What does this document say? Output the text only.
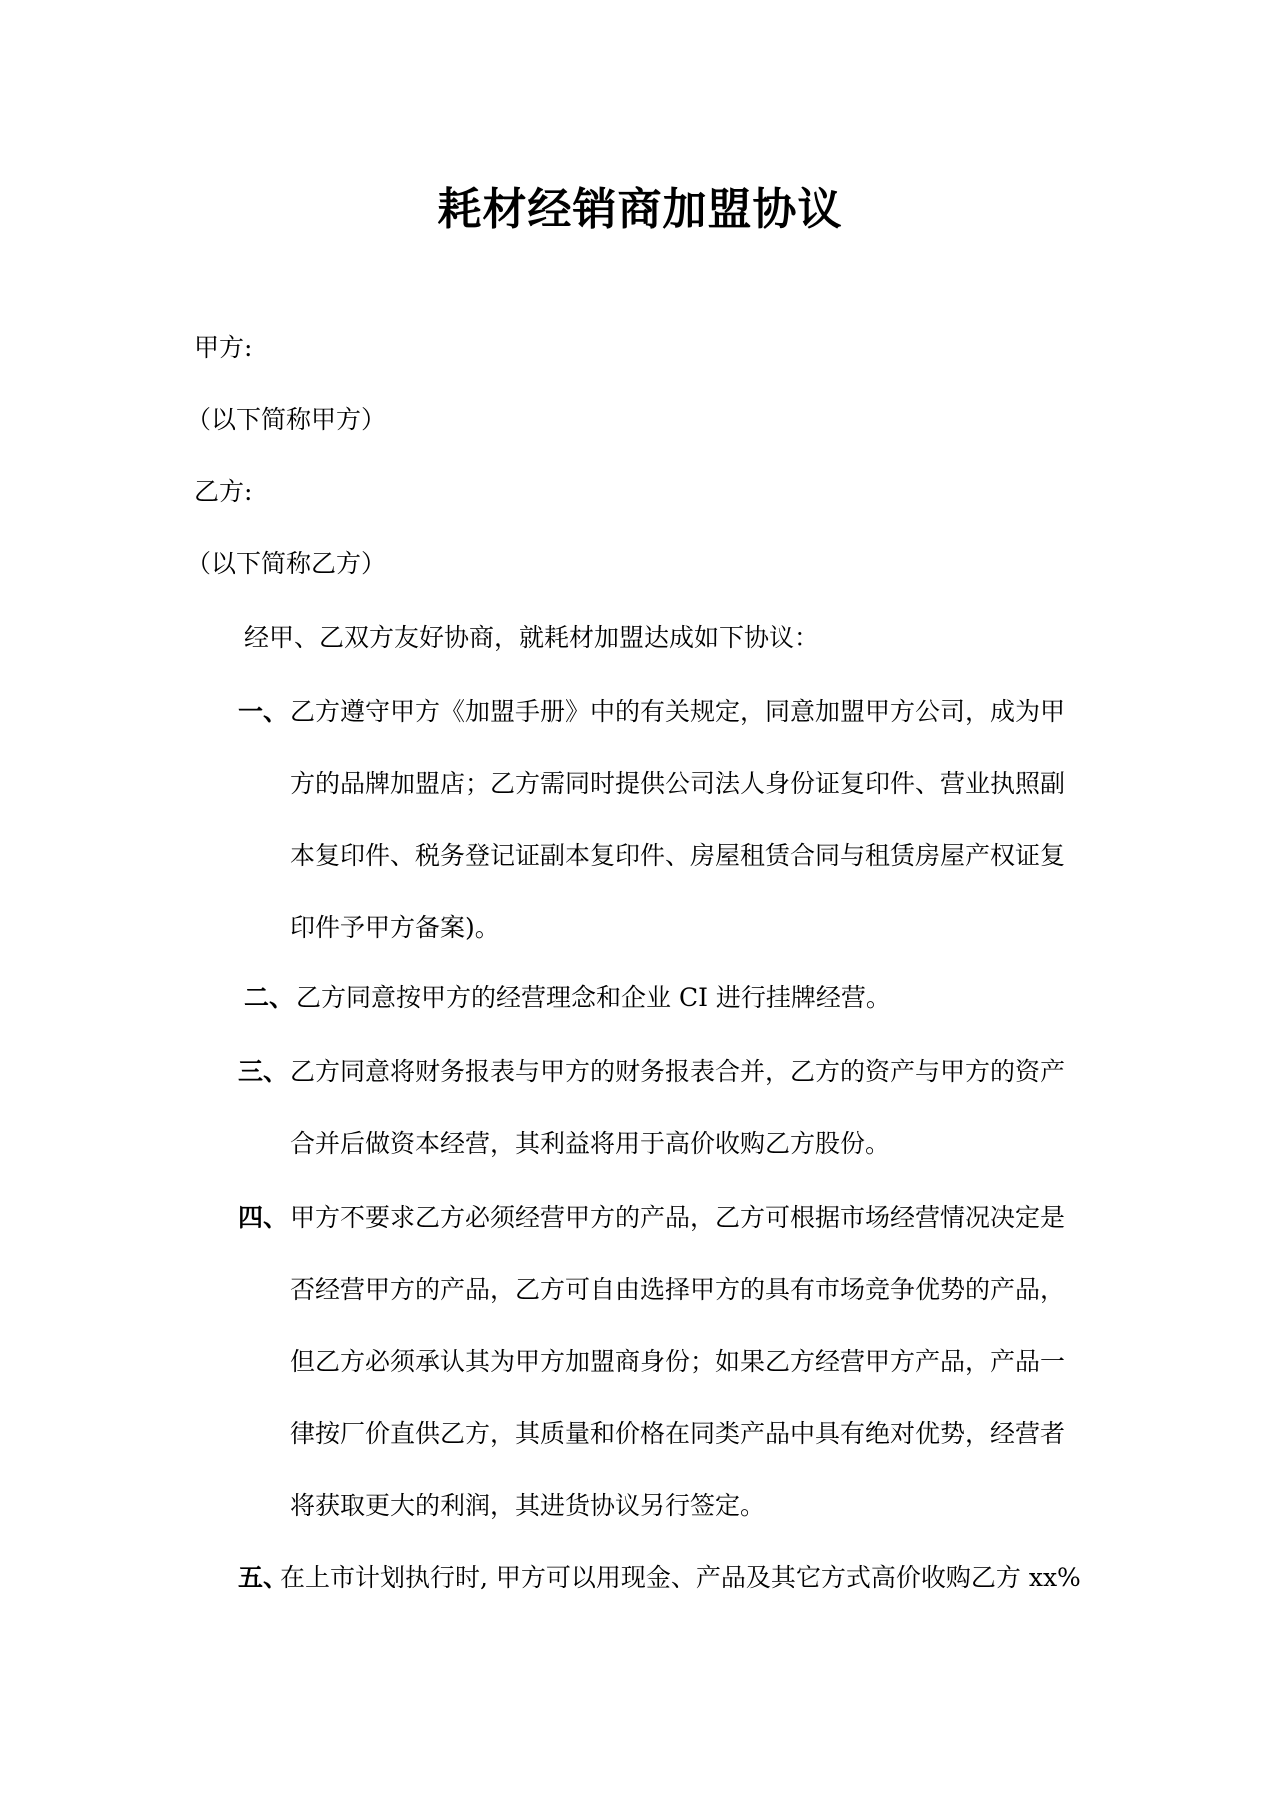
耗材经销商加盟协议
甲方:
（以下简称甲方）
乙方:
（以下简称乙方）
经甲、乙双方友好协商，就耗材加盟达成如下协议：
一、 乙方遵守甲方《加盟手册》中的有关规定，同意加盟甲方公司，成为甲
方的品牌加盟店；乙方需同时提供公司法人身份证复印件、营业执照副
本复印件、税务登记证副本复印件、房屋租赁合同与租赁房屋产权证复
印件予甲方备案)。
二、 乙方同意按甲方的经营理念和企业 CI 进行挂牌经营。
三、 乙方同意将财务报表与甲方的财务报表合并，乙方的资产与甲方的资产
合并后做资本经营，其利益将用于高价收购乙方股份。
四、 甲方不要求乙方必须经营甲方的产品，乙方可根据市场经营情况决定是
否经营甲方的产品，乙方可自由选择甲方的具有市场竞争优势的产品，
但乙方必须承认其为甲方加盟商身份；如果乙方经营甲方产品，产品一
律按厂价直供乙方，其质量和价格在同类产品中具有绝对优势，经营者
将获取更大的利润，其进货协议另行签定。
五、
在上市计划执行时, 甲方可以用现金、产品及其它方式高价收购乙方 xx%
